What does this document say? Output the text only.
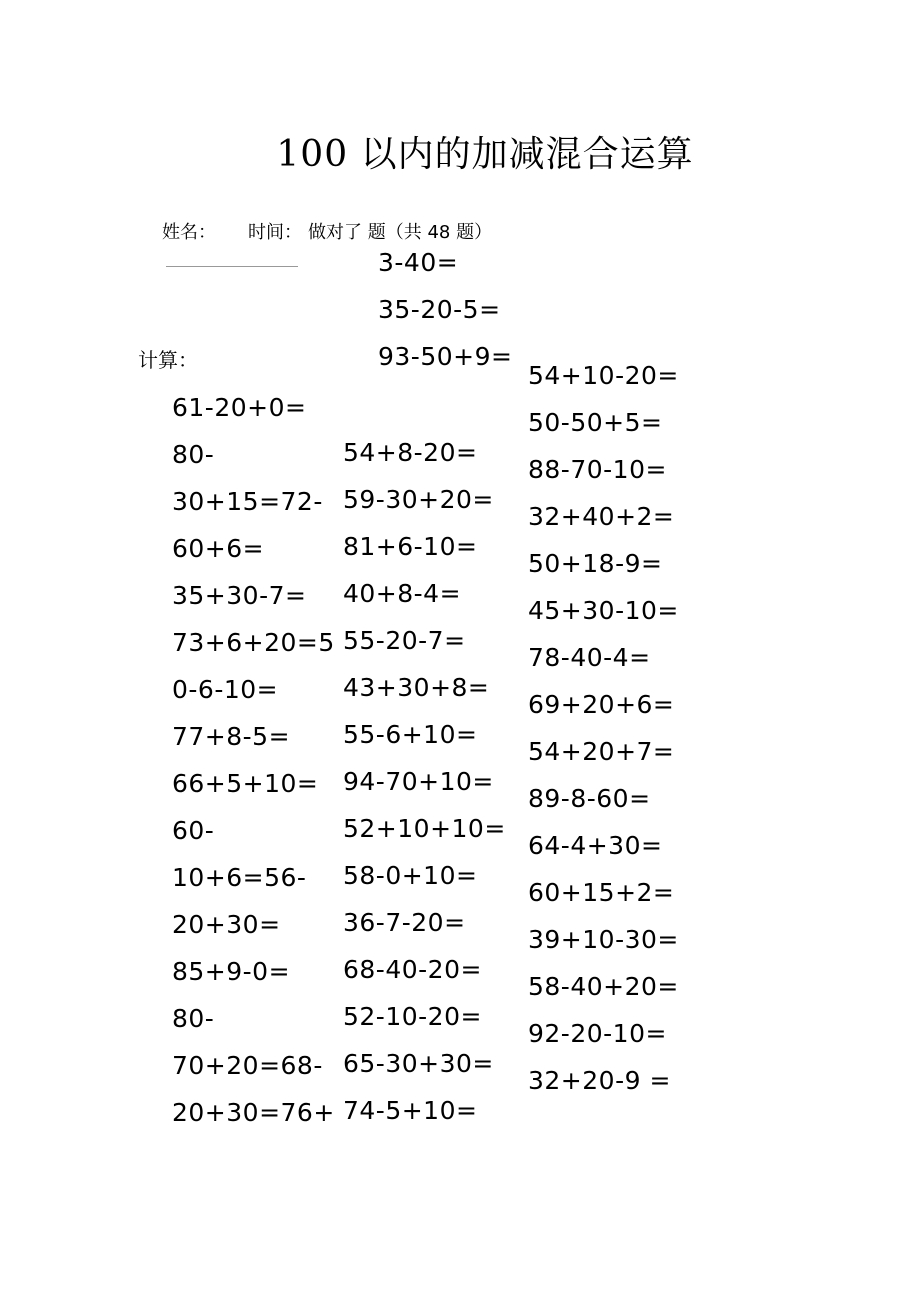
100 以内的加减混合运算
姓名： 时间： 做对了 题（共 48 题）
计算：
3-40=
35-20-5=
93-50+9=
61-20+0=
80-
30+15=72-
60+6=
35+30-7=
73+6+20=5
0-6-10=
77+8-5=
66+5+10=
60-
10+6=56-
20+30=
85+9-0=
80-
70+20=68-
20+30=76+
54+8-20=
59-30+20=
81+6-10=
40+8-4=
55-20-7=
43+30+8=
55-6+10=
94-70+10=
52+10+10=
58-0+10=
36-7-20=
68-40-20=
52-10-20=
65-30+30=
74-5+10=
54+10-20=
50-50+5=
88-70-10=
32+40+2=
50+18-9=
45+30-10=
78-40-4=
69+20+6=
54+20+7=
89-8-60=
64-4+30=
60+15+2=
39+10-30=
58-40+20=
92-20-10=
32+20-9 =
